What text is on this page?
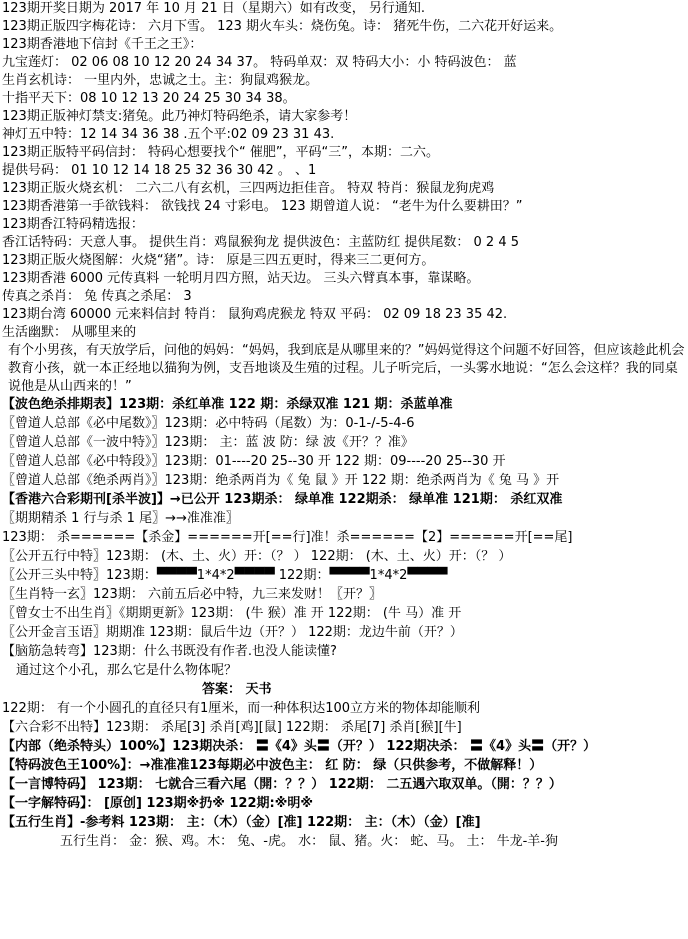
123期开奖日期为 2017 年 10 月 21 日（星期六）如有改变， 另行通知.
123期正版四字梅花诗： 六月下雪。 123 期火车头：烧伤兔。诗： 猪死牛伤，二六花开好运来。
123期香港地下信封《千王之王》：
九宝莲灯： 02 06 08 10 12 20 24 34 37。 特码单双：双 特码大小：小 特码波色： 蓝
生肖玄机诗： 一里内外，忠诚之士。主：狗鼠鸡猴龙。
十指平天下：08 10 12 13 20 24 25 30 34 38。
123期正版神灯禁支:猪兔。此乃神灯特码绝杀，请大家参考！
神灯五中特：12 14 34 36 38 .五个平:02 09 23 31 43.
123期正版特平码信封： 特码心想要找个“ 催肥”，平码“三”，本期：二六。
提供号码： 01 10 12 14 18 25 32 36 30 42 。 、1
123期正版火烧玄机： 二六二八有玄机，三四两边拒佳音。 特双 特肖：猴鼠龙狗虎鸡
123期香港第一手欲钱料： 欲钱找 24 寸彩电。 123 期曾道人说： “老牛为什么要耕田？”
123期香江特码精选报：
香江话特码：天意人事。 提供生肖：鸡鼠猴狗龙 提供波色：主蓝防红 提供尾数： 0 2 4 5
123期正版火烧图解：火烧“猪”。诗： 原是三四五更时，得来三二更何方。
123期香港 6000 元传真料 一轮明月四方照，站天边。 三头六臂真本事，靠谋略。
传真之杀肖： 兔 传真之杀尾： 3
123期台湾 60000 元来料信封 特肖： 鼠狗鸡虎猴龙 特双 平码： 02 09 18 23 35 42.
生活幽默： 从哪里来的
有个小男孩，有天放学后，问他的妈妈：“妈妈，我到底是从哪里来的？”妈妈觉得这个问题不好回答，但应该趁此机会教育小孩，就一本正经地以猫狗为例，支吾地谈及生殖的过程。儿子听完后，一头雾水地说：“怎么会这样？我的同桌说他是从山西来的！”
【波色绝杀排期表】123期：杀红单准 122 期：杀绿双准 121 期：杀蓝单准
〖曾道人总部《必中尾数》〗123期：必中特码（尾数）为：0-1-/-5-4-6
〖曾道人总部《一波中特》〗123期： 主：蓝 波 防：绿 波《开？？准》
〖曾道人总部《必中特段》〗123期：01----20 25--30 开 122 期：09----20 25--30 开
〖曾道人总部《绝杀两肖》〗123期：绝杀两肖为《 兔 鼠 》开 122 期：绝杀两肖为《 兔 马 》开
【香港六合彩期刊[杀半波]】→已公开 123期杀： 绿单准 122期杀： 绿单准 121期： 杀红双准
〖期期精杀 1 行与杀 1 尾〗→→准准准〗
123期： 杀======【杀金】======开[==行]准！杀======【2】======开[==尾]
〖公开五行中特〗123期： (木、土、火）开：（？ ） 122期： (木、土、火）开：（？ ）
〖公开三头中特〗123期：▀▀▀▀1*4*2▀▀▀▀ 122期：▀▀▀▀1*4*2▀▀▀▀
〖生肖特一玄〗123期： 六前五后必中特，九三来发财！〖开？〗
〖曾女士不出生肖〗《期期更新》123期： (牛 猴）准 开 122期： (牛 马）准 开
〖公开金言玉语〗期期准 123期：鼠后牛边（开？） 122期：龙边牛前（开？）
【脑筋急转弯】123期：什么书既没有作者.也没人能读懂?
通过这个小孔，那么它是什么物体呢？
答案： 天书
122期： 有一个小圆孔的直径只有1厘米，而一种体积达100立方米的物体却能顺利
【六合彩不出特】123期： 杀尾[3] 杀肖[鸡][鼠] 122期： 杀尾[7] 杀肖[猴][牛]
【内部（绝杀特头）100%】123期决杀： 〓《4》头〓（开？） 122期决杀： 〓《4》头〓（开？）
【特码波色王100%】：→准准准123每期必中波色主： 红 防： 绿（只供参考，不做解释！）
【一言博特码】 123期： 七就合三看六尾（開：？？） 122期： 二五遇六取双单。（開：？？）
【一字解特码】： [原创] 123期※扔※ 122期:※明※
【五行生肖】-参考料 123期： 主：（木）（金）[准] 122期： 主：（木）（金）[准]
五行生肖： 金：猴、鸡。木： 兔、-虎。 水： 鼠、猪。火： 蛇、马。 土： 牛龙-羊-狗
